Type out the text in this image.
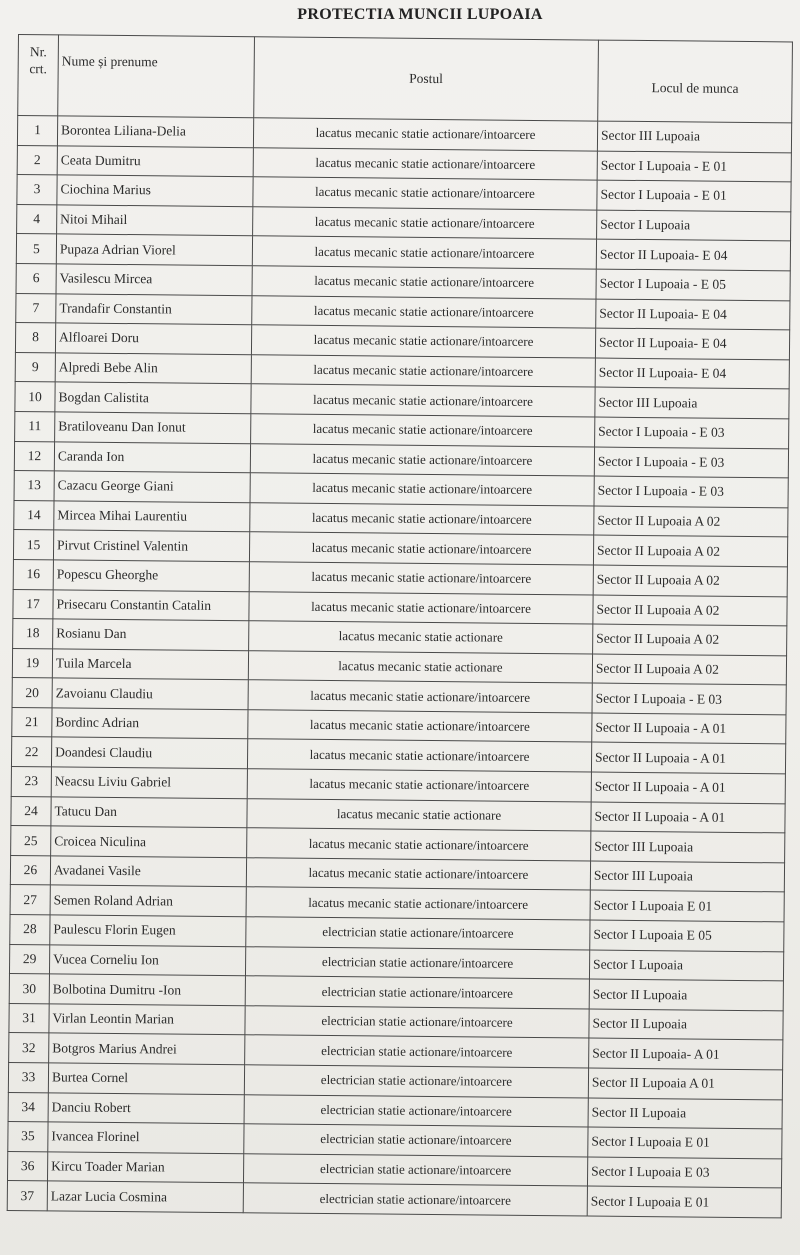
PROTECTIA MUNCII LUPOAIA
Nr.
crt.	Nume și prenume	Postul	Locul de munca
1	Borontea Liliana-Delia	lacatus mecanic statie actionare/intoarcere	Sector III Lupoaia
2	Ceata Dumitru	lacatus mecanic statie actionare/intoarcere	Sector I Lupoaia - E 01
3	Ciochina Marius	lacatus mecanic statie actionare/intoarcere	Sector I Lupoaia - E 01
4	Nitoi Mihail	lacatus mecanic statie actionare/intoarcere	Sector I Lupoaia
5	Pupaza Adrian Viorel	lacatus mecanic statie actionare/intoarcere	Sector II Lupoaia- E 04
6	Vasilescu Mircea	lacatus mecanic statie actionare/intoarcere	Sector I Lupoaia - E 05
7	Trandafir Constantin	lacatus mecanic statie actionare/intoarcere	Sector II Lupoaia- E 04
8	Alfloarei Doru	lacatus mecanic statie actionare/intoarcere	Sector II Lupoaia- E 04
9	Alpredi Bebe Alin	lacatus mecanic statie actionare/intoarcere	Sector II Lupoaia- E 04
10	Bogdan Calistita	lacatus mecanic statie actionare/intoarcere	Sector III Lupoaia
11	Bratiloveanu Dan Ionut	lacatus mecanic statie actionare/intoarcere	Sector I Lupoaia - E 03
12	Caranda Ion	lacatus mecanic statie actionare/intoarcere	Sector I Lupoaia - E 03
13	Cazacu George Giani	lacatus mecanic statie actionare/intoarcere	Sector I Lupoaia - E 03
14	Mircea Mihai Laurentiu	lacatus mecanic statie actionare/intoarcere	Sector II Lupoaia A 02
15	Pirvut Cristinel Valentin	lacatus mecanic statie actionare/intoarcere	Sector II Lupoaia A 02
16	Popescu Gheorghe	lacatus mecanic statie actionare/intoarcere	Sector II Lupoaia A 02
17	Prisecaru Constantin Catalin	lacatus mecanic statie actionare/intoarcere	Sector II Lupoaia A 02
18	Rosianu Dan	lacatus mecanic statie actionare	Sector II Lupoaia A 02
19	Tuila Marcela	lacatus mecanic statie actionare	Sector II Lupoaia A 02
20	Zavoianu Claudiu	lacatus mecanic statie actionare/intoarcere	Sector I Lupoaia - E 03
21	Bordinc Adrian	lacatus mecanic statie actionare/intoarcere	Sector II Lupoaia - A 01
22	Doandesi Claudiu	lacatus mecanic statie actionare/intoarcere	Sector II Lupoaia - A 01
23	Neacsu Liviu Gabriel	lacatus mecanic statie actionare/intoarcere	Sector II Lupoaia - A 01
24	Tatucu Dan	lacatus mecanic statie actionare	Sector II Lupoaia - A 01
25	Croicea Niculina	lacatus mecanic statie actionare/intoarcere	Sector III Lupoaia
26	Avadanei Vasile	lacatus mecanic statie actionare/intoarcere	Sector III Lupoaia
27	Semen Roland Adrian	lacatus mecanic statie actionare/intoarcere	Sector I Lupoaia E 01
28	Paulescu Florin Eugen	electrician statie actionare/intoarcere	Sector I Lupoaia E 05
29	Vucea Corneliu Ion	electrician statie actionare/intoarcere	Sector I Lupoaia
30	Bolbotina Dumitru -Ion	electrician statie actionare/intoarcere	Sector II Lupoaia
31	Virlan Leontin Marian	electrician statie actionare/intoarcere	Sector II Lupoaia
32	Botgros Marius Andrei	electrician statie actionare/intoarcere	Sector II Lupoaia- A 01
33	Burtea Cornel	electrician statie actionare/intoarcere	Sector II Lupoaia A 01
34	Danciu Robert	electrician statie actionare/intoarcere	Sector II Lupoaia
35	Ivancea Florinel	electrician statie actionare/intoarcere	Sector I Lupoaia E 01
36	Kircu Toader Marian	electrician statie actionare/intoarcere	Sector I Lupoaia E 03
37	Lazar Lucia Cosmina	electrician statie actionare/intoarcere	Sector I Lupoaia E 01
